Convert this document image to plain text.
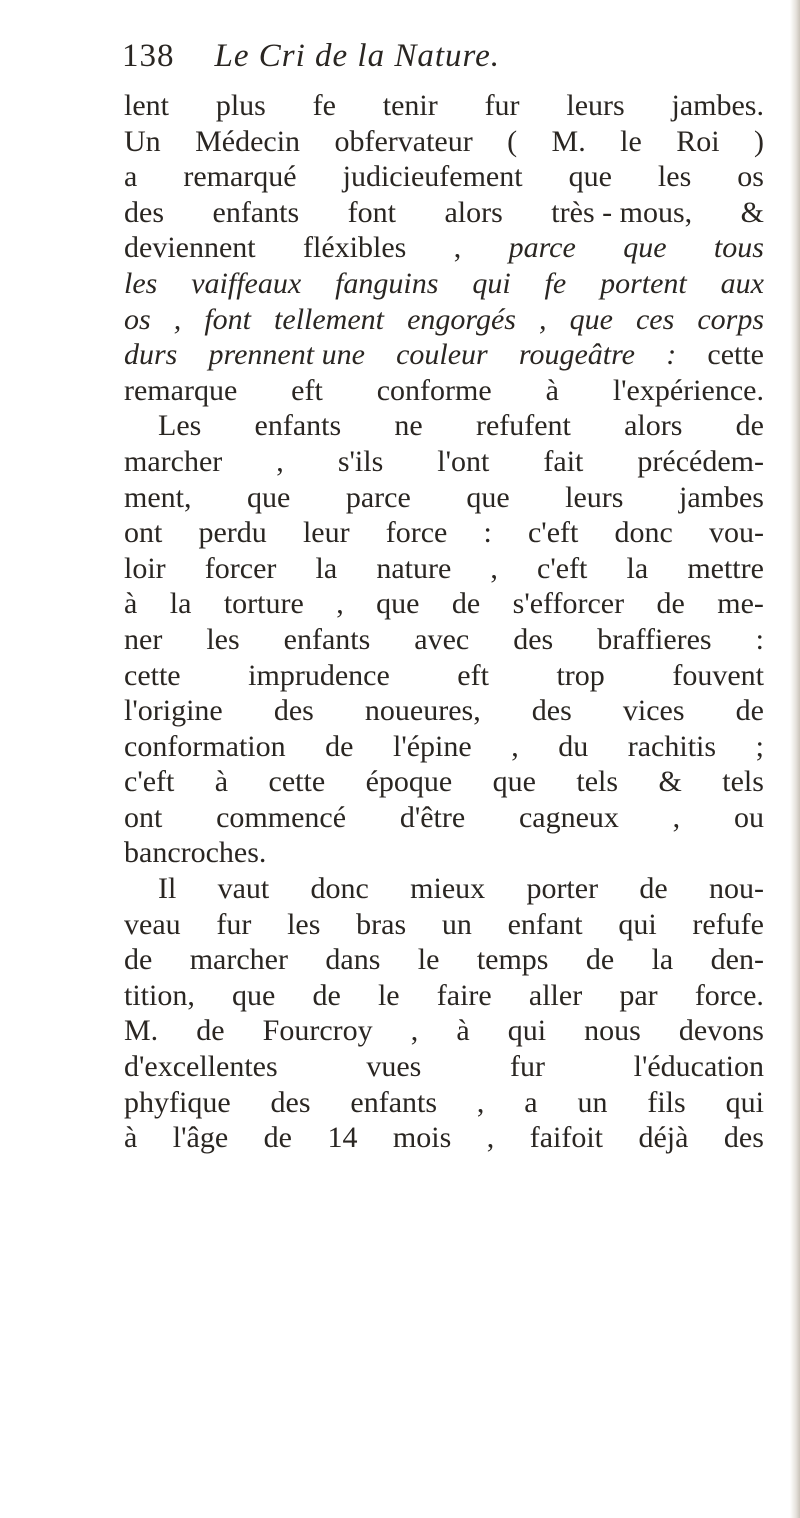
138 Le Cri de la Nature.
lent plus fe tenir fur leurs jambes.
Un Médecin obfervateur ( M. le Roi )
a remarqué judicieufement que les os
des enfants font alors très - mous, &
deviennent fléxibles , parce que tous
les vaiffeaux fanguins qui fe portent aux
os , font tellement engorgés , que ces corps
durs prennent une couleur rougeâtre : cette
remarque eft conforme à l'expérience.
Les enfants ne refufent alors de
marcher , s'ils l'ont fait précédem-
ment, que parce que leurs jambes
ont perdu leur force : c'eft donc vou-
loir forcer la nature , c'eft la mettre
à la torture , que de s'efforcer de me-
ner les enfants avec des braffieres :
cette imprudence eft trop fouvent
l'origine des noueures, des vices de
conformation de l'épine , du rachitis ;
c'eft à cette époque que tels & tels
ont commencé d'être cagneux , ou
bancroches.
Il vaut donc mieux porter de nou-
veau fur les bras un enfant qui refufe
de marcher dans le temps de la den-
tition, que de le faire aller par force.
M. de Fourcroy , à qui nous devons
d'excellentes	vues	fur	l'éducation
phyfique des enfants , a un fils qui
à l'âge de 14 mois , faifoit déjà des
